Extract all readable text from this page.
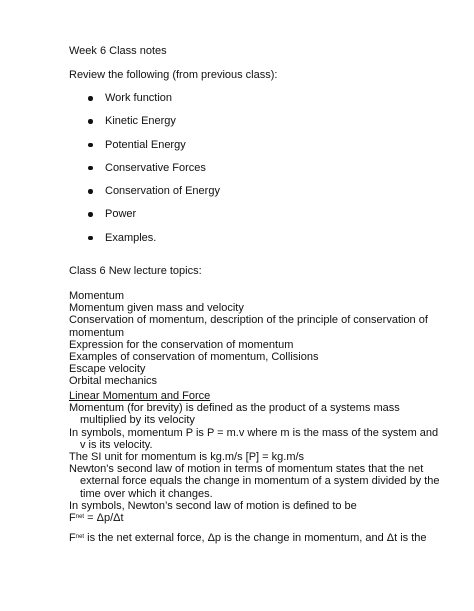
Week 6 Class notes
Review the following (from previous class):
Work function
Kinetic Energy
Potential Energy
Conservative Forces
Conservation of Energy
Power
Examples.
Class 6 New lecture topics:
Momentum
Momentum given mass and velocity
Conservation of momentum, description of the principle of conservation of
momentum
Expression for the conservation of momentum
Examples of conservation of momentum, Collisions
Escape velocity
Orbital mechanics
Linear Momentum and Force
Momentum (for brevity) is defined as the product of a systems mass
multiplied by its velocity
In symbols, momentum P is P = m.v where m is the mass of the system and
v is its velocity.
The SI unit for momentum is kg.m/s [P] = kg.m/s
Newton's second law of motion in terms of momentum states that the net
external force equals the change in momentum of a system divided by the
time over which it changes.
In symbols, Newton’s second law of motion is defined to be
$F^{net} = \Delta p/\Delta t$
$F^{net}$ is the net external force, Δp is the change in momentum, and Δt is the
